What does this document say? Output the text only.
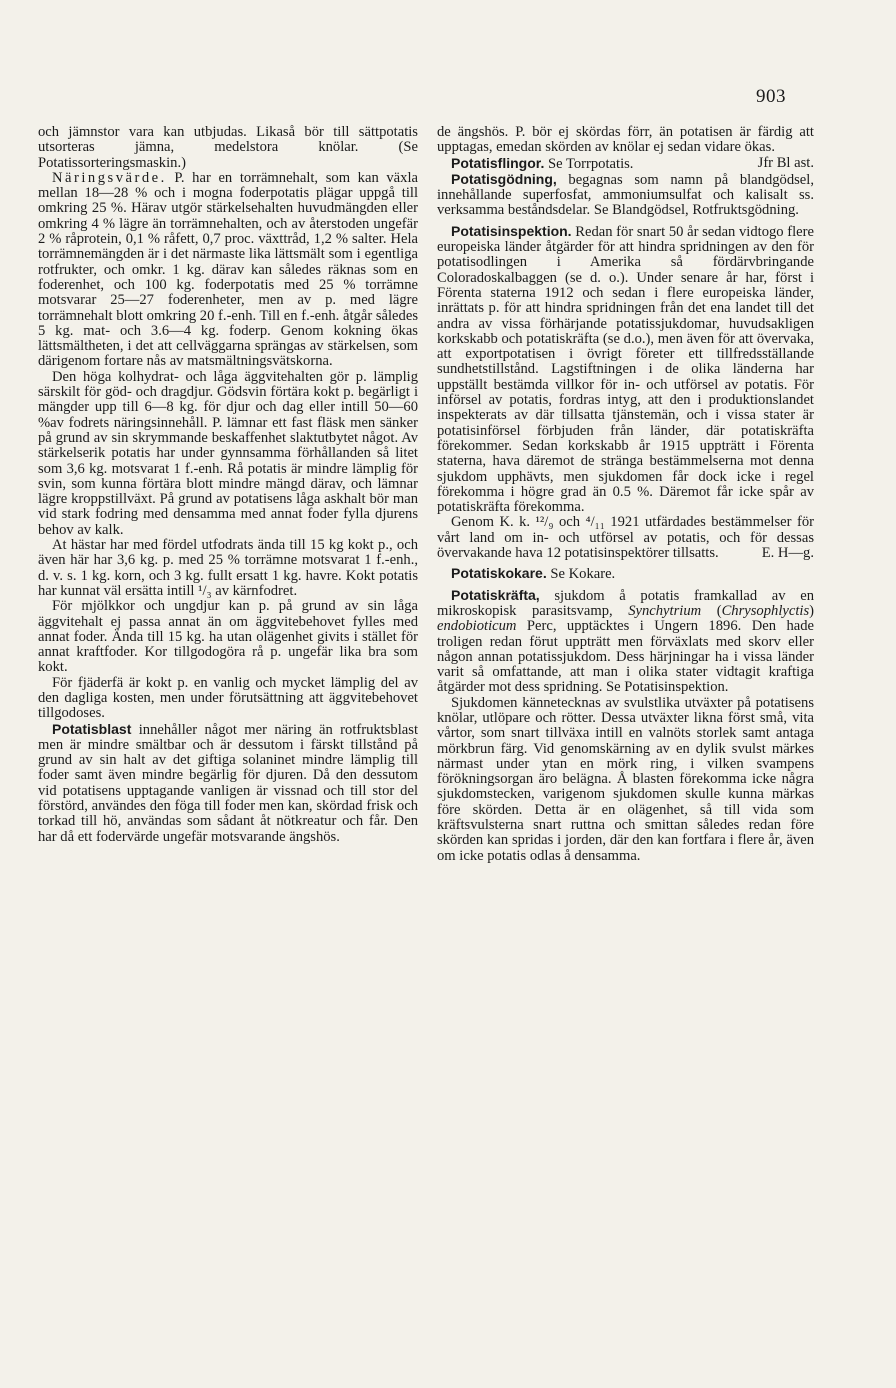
903

och jämnstor vara kan utbjudas. Likaså bör till sättpotatis utsorteras jämna, medelstora knölar. (Se Potatissorteringsmaskin.)

Näringsvärde. P. har en torrämnehalt, som kan växla mellan 18—28 % och i mogna foderpotatis plägar uppgå till omkring 25 %. Härav utgör stärkelsehalten huvudmängden eller omkring 4 % lägre än torrämnehalten, och av återstoden ungefär 2 % råprotein, 0,1 % råfett, 0,7 proc. växttråd, 1,2 % salter. Hela torrämnemängden är i det närmaste lika lättsmält som i egentliga rotfrukter, och omkr. 1 kg. därav kan således räknas som en foderenhet, och 100 kg. foderpotatis med 25 % torrämne motsvarar 25—27 foderenheter, men av p. med lägre torrämnehalt blott omkring 20 f.-enh. Till en f.-enh. åtgår således 5 kg. mat- och 3.6—4 kg. foderp. Genom kokning ökas lättsmältheten, i det att cellväggarna sprängas av stärkelsen, som därigenom fortare nås av matsmältningsvätskorna.

Den höga kolhydrat- och låga äggvitehalten gör p. lämplig särskilt för göd- och dragdjur. Gödsvin förtära kokt p. begärligt i mängder upp till 6—8 kg. för djur och dag eller intill 50—60 %av fodrets näringsinnehåll. P. lämnar ett fast fläsk men sänker på grund av sin skrymmande beskaffenhet slaktutbytet något. Av stärkelserik potatis har under gynnsamma förhållanden så litet som 3,6 kg. motsvarat 1 f.-enh. Rå potatis är mindre lämplig för svin, som kunna förtära blott mindre mängd därav, och lämnar lägre kroppstillväxt. På grund av potatisens låga askhalt bör man vid stark fodring med densamma med annat foder fylla djurens behov av kalk.

At hästar har med fördel utfodrats ända till 15 kg kokt p., och även här har 3,6 kg. p. med 25 % torrämne motsvarat 1 f.-enh., d. v. s. 1 kg. korn, och 3 kg. fullt ersatt 1 kg. havre. Kokt potatis har kunnat väl ersätta intill ¹/₃ av kärnfodret.

För mjölkkor och ungdjur kan p. på grund av sin låga äggvitehalt ej passa annat än om äggvitebehovet fylles med annat foder. Ända till 15 kg. ha utan olägenhet givits i stället för annat kraftfoder. Kor tillgodogöra rå p. ungefär lika bra som kokt.

För fjäderfä är kokt p. en vanlig och mycket lämplig del av den dagliga kosten, men under förutsättning att äggvitebehovet tillgodoses.

Potatisblast innehåller något mer näring än rotfruktsblast men är mindre smältbar och är dessutom i färskt tillstånd på grund av sin halt av det giftiga solaninet mindre lämplig till foder samt även mindre begärlig för djuren. Då den dessutom vid potatisens upptagande vanligen är vissnad och till stor del förstörd, användes den föga till foder men kan, skördad frisk och torkad till hö, användas som sådant åt nötkreatur och får. Den har då ett fodervärde ungefär motsvarande ängshös.

de ängshös. P. bör ej skördas förr, än potatisen är färdig att upptagas, emedan skörden av knölar ej sedan vidare ökas.
Jfr Bl ast.

Potatisflingor. Se Torrpotatis.

Potatisgödning, begagnas som namn på blandgödsel, innehållande superfosfat, ammoniumsulfat och kalisalt ss. verksamma beståndsdelar. Se Blandgödsel, Rotfruktsgödning.

Potatisinspektion. Redan för snart 50 år sedan vidtogo flere europeiska länder åtgärder för att hindra spridningen av den för potatisodlingen i Amerika så fördärvbringande Coloradoskalbaggen (se d. o.). Under senare år har, först i Förenta staterna 1912 och sedan i flere europeiska länder, inrättats p. för att hindra spridningen från det ena landet till det andra av vissa förhärjande potatissjukdomar, huvudsakligen korkskabb och potatiskräfta (se d.o.), men även för att övervaka, att exportpotatisen i övrigt företer ett tillfredsställande sundhetstillstånd. Lagstiftningen i de olika länderna har uppställt bestämda villkor för in- och utförsel av potatis. För införsel av potatis, fordras intyg, att den i produktionslandet inspekterats av där tillsatta tjänstemän, och i vissa stater är potatisinförsel förbjuden från länder, där potatiskräfta förekommer. Sedan korkskabb år 1915 uppträtt i Förenta staterna, hava däremot de stränga bestämmelserna mot denna sjukdom upphävts, men sjukdomen får dock icke i regel förekomma i högre grad än 0.5 %. Däremot får icke spår av potatiskräfta förekomma.

Genom K. k. ¹²/₉ och ⁴/₁₁ 1921 utfärdades bestämmelser för vårt land om in- och utförsel av potatis, och för dessas övervakande hava 12 potatisinspektörer tillsatts.	E. H—g.

Potatiskokare. Se Kokare.

Potatiskräfta, sjukdom å potatis framkallad av en mikroskopisk parasitsvamp, Synchytrium (Chrysophlyctis) endobioticum Perc, upptäcktes i Ungern 1896. Den hade troligen redan förut uppträtt men förväxlats med skorv eller någon annan potatissjukdom. Dess härjningar ha i vissa länder varit så omfattande, att man i olika stater vidtagit kraftiga åtgärder mot dess spridning. Se Potatisinspektion.

Sjukdomen kännetecknas av svulstlika utväxter på potatisens knölar, utlöpare och rötter. Dessa utväxter likna först små, vita vårtor, som snart tillväxa intill en valnöts storlek samt antaga mörkbrun färg. Vid genomskärning av en dylik svulst märkes närmast under ytan en mörk ring, i vilken svampens förökningsorgan äro belägna. Å blasten förekomma icke några sjukdomstecken, varigenom sjukdomen skulle kunna märkas före skörden. Detta är en olägenhet, så till vida som kräftsvulsterna snart ruttna och smittan således redan före skörden kan spridas i jorden, där den kan fortfara i flere år, även om icke potatis odlas å densamma.
